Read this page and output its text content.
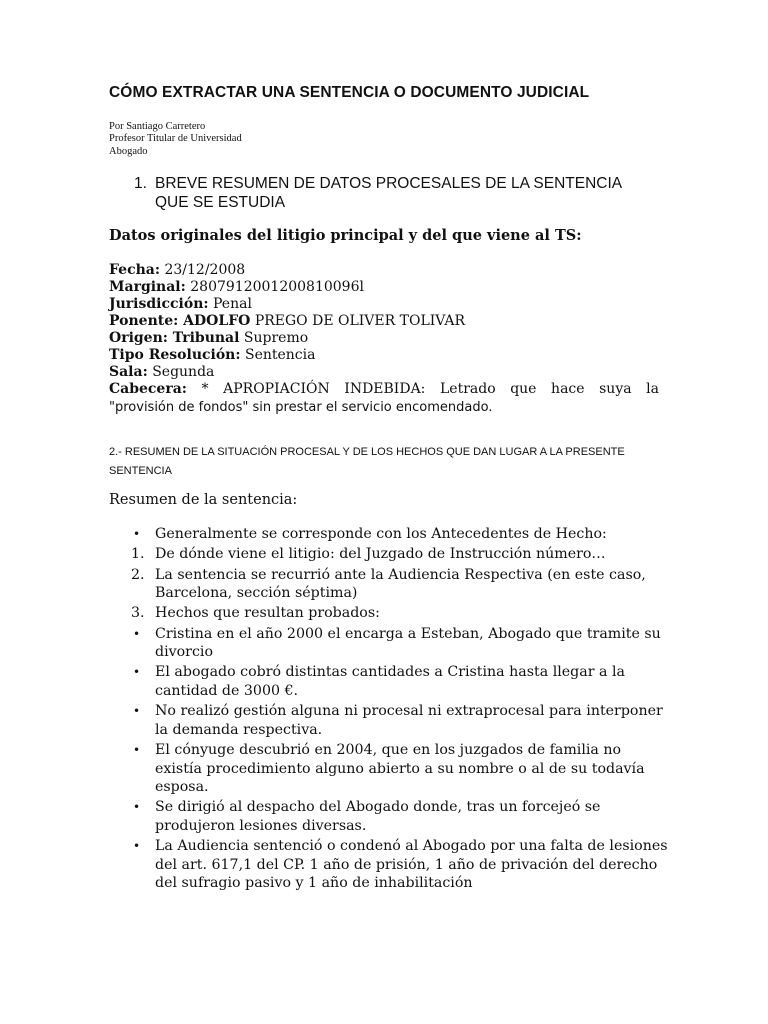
CÓMO EXTRACTAR UNA SENTENCIA O DOCUMENTO JUDICIAL
Por Santiago Carretero
Profesor Titular de Universidad
Abogado
1. BREVE RESUMEN DE DATOS PROCESALES DE LA SENTENCIA
QUE SE ESTUDIA
Datos originales del litigio principal y del que viene al TS:
Fecha: 23/12/2008
Marginal: 2807912001200810096l
Jurisdicción: Penal
Ponente: ADOLFO PREGO DE OLIVER TOLIVAR
Origen: Tribunal Supremo
Tipo Resolución: Sentencia
Sala: Segunda
Cabecera: * APROPIACIÓN INDEBIDA: Letrado que hace suya la
"provisión de fondos" sin prestar el servicio encomendado.
2.- RESUMEN DE LA SITUACIÓN PROCESAL Y DE LOS HECHOS QUE DAN LUGAR A LA PRESENTE
SENTENCIA
Resumen de la sentencia:
• Generalmente se corresponde con los Antecedentes de Hecho:
1. De dónde viene el litigio: del Juzgado de Instrucción número…
2. La sentencia se recurrió ante la Audiencia Respectiva (en este caso, Barcelona, sección séptima)
3. Hechos que resultan probados:
• Cristina en el año 2000 el encarga a Esteban, Abogado que tramite su divorcio
• El abogado cobró distintas cantidades a Cristina hasta llegar a la cantidad de 3000 €.
• No realizó gestión alguna ni procesal ni extraprocesal para interponer la demanda respectiva.
• El cónyuge descubrió en 2004, que en los juzgados de familia no existía procedimiento alguno abierto a su nombre o al de su todavía esposa.
• Se dirigió al despacho del Abogado donde, tras un forcejeó se produjeron lesiones diversas.
• La Audiencia sentenció o condenó al Abogado por una falta de lesiones del art. 617,1 del CP. 1 año de prisión, 1 año de privación del derecho del sufragio pasivo y 1 año de inhabilitación
